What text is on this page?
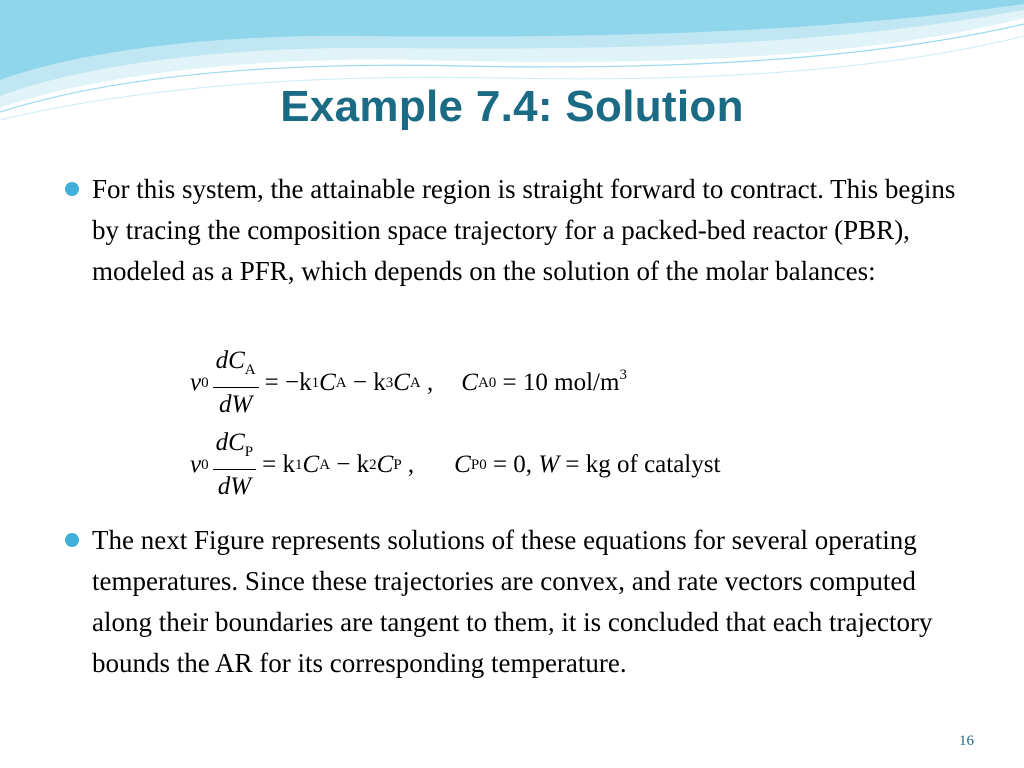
Example 7.4: Solution
For this system, the attainable region is straight forward to contract. This begins by tracing the composition space trajectory for a packed-bed reactor (PBR), modeled as a PFR, which depends on the solution of the molar balances:
v $0 \frac{dC_A}{dW} = -k$ 1 C A − k 3 C A , C A0 = 10 mol/$m^3$
v $0 \frac{dC_P}{dW} = k$ 1 C A − k 2 C P , C P0 = 0, W = kg of catalyst
The next Figure represents solutions of these equations for several operating temperatures. Since these trajectories are convex, and rate vectors computed along their boundaries are tangent to them, it is concluded that each trajectory bounds the AR for its corresponding temperature.
16
